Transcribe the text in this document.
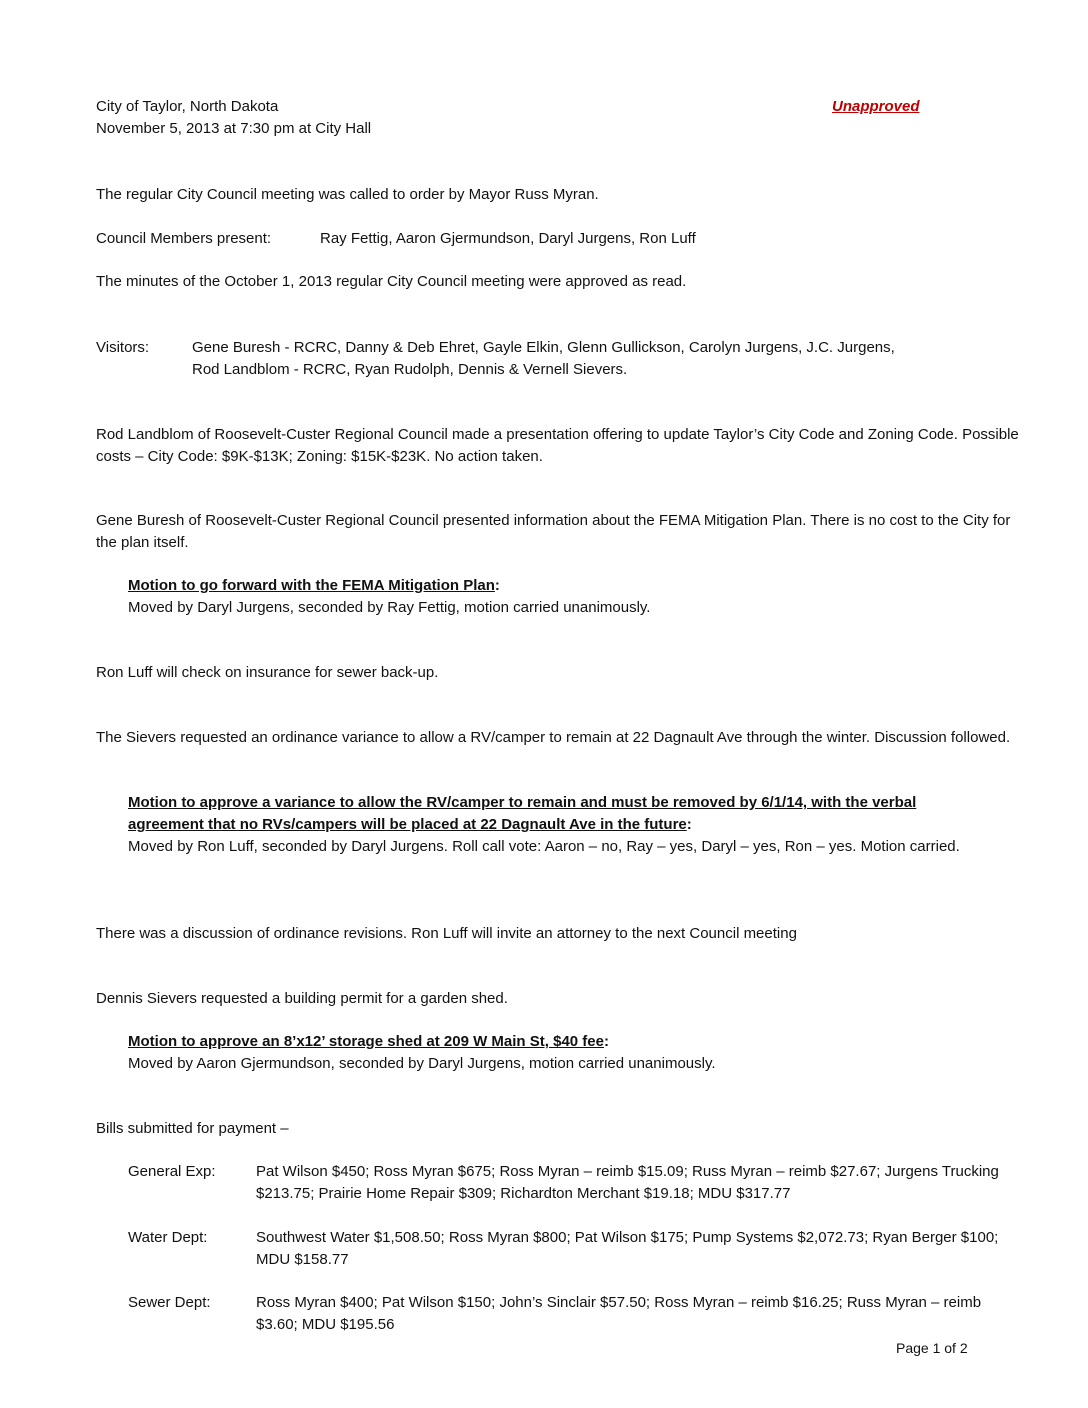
City of Taylor, North Dakota
November 5, 2013 at 7:30 pm at City Hall
Unapproved
The regular City Council meeting was called to order by Mayor Russ Myran.
Council Members present:	Ray Fettig, Aaron Gjermundson, Daryl Jurgens, Ron Luff
The minutes of the October 1, 2013 regular City Council meeting were approved as read.
Visitors:	Gene Buresh - RCRC, Danny & Deb Ehret, Gayle Elkin, Glenn Gullickson, Carolyn Jurgens, J.C. Jurgens,
Rod Landblom - RCRC, Ryan Rudolph, Dennis & Vernell Sievers.
Rod Landblom of Roosevelt-Custer Regional Council made a presentation offering to update Taylor’s City Code and Zoning Code. Possible costs – City Code: $9K-$13K; Zoning: $15K-$23K. No action taken.
Gene Buresh of Roosevelt-Custer Regional Council presented information about the FEMA Mitigation Plan. There is no cost to the City for the plan itself.
Motion to go forward with the FEMA Mitigation Plan:
Moved by Daryl Jurgens, seconded by Ray Fettig, motion carried unanimously.
Ron Luff will check on insurance for sewer back-up.
The Sievers requested an ordinance variance to allow a RV/camper to remain at 22 Dagnault Ave through the winter. Discussion followed.
Motion to approve a variance to allow the RV/camper to remain and must be removed by 6/1/14, with the verbal agreement that no RVs/campers will be placed at 22 Dagnault Ave in the future:
Moved by Ron Luff, seconded by Daryl Jurgens. Roll call vote: Aaron – no, Ray – yes, Daryl – yes, Ron – yes. Motion carried.
There was a discussion of ordinance revisions. Ron Luff will invite an attorney to the next Council meeting
Dennis Sievers requested a building permit for a garden shed.
Motion to approve an 8’x12’ storage shed at 209 W Main St, $40 fee:
Moved by Aaron Gjermundson, seconded by Daryl Jurgens, motion carried unanimously.
Bills submitted for payment –
General Exp:	Pat Wilson $450; Ross Myran $675; Ross Myran – reimb $15.09; Russ Myran – reimb $27.67; Jurgens Trucking $213.75; Prairie Home Repair $309; Richardton Merchant $19.18; MDU $317.77
Water Dept:	Southwest Water $1,508.50; Ross Myran $800; Pat Wilson $175; Pump Systems $2,072.73; Ryan Berger $100; MDU $158.77
Sewer Dept:	Ross Myran $400; Pat Wilson $150; John’s Sinclair $57.50; Ross Myran – reimb $16.25; Russ Myran – reimb $3.60; MDU $195.56
Page 1 of 2
